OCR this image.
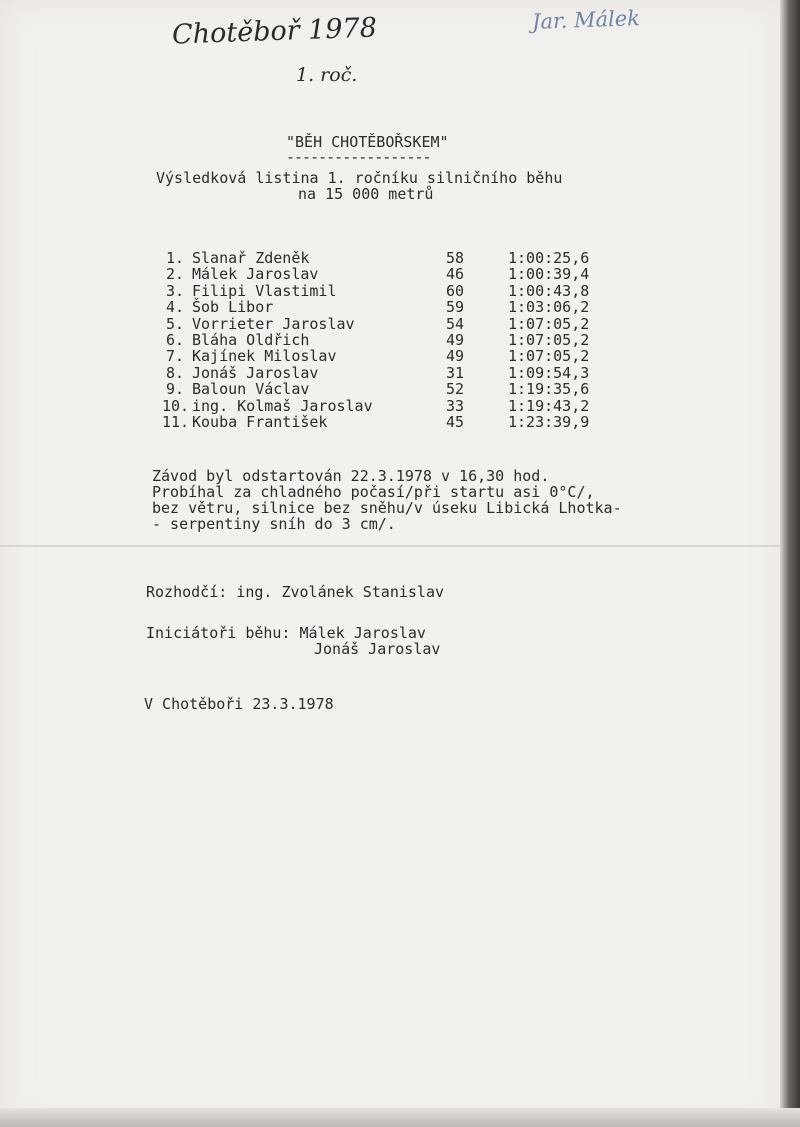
Chotěboř 1978
1. roč.
Jar. Málek
"BĚH CHOTĚBOŘSKEM"
------------------
Výsledková listina 1. ročníku silničního běhu
na 15 000 metrů
1. Slanař Zdeněk	58	1:00:25,6
2. Málek Jaroslav	46	1:00:39,4
3. Filipi Vlastimil	60	1:00:43,8
4. Šob Libor	59	1:03:06,2
5. Vorrieter Jaroslav	54	1:07:05,2
6. Bláha Oldřich	49	1:07:05,2
7. Kajínek Miloslav	49	1:07:05,2
8. Jonáš Jaroslav	31	1:09:54,3
9. Baloun Václav	52	1:19:35,6
10. ing. Kolmaš Jaroslav	33	1:19:43,2
11. Kouba František	45	1:23:39,9
Závod byl odstartován 22.3.1978 v 16,30 hod.
Probíhal za chladného počasí/při startu asi 0°C/,
bez větru, silnice bez sněhu/v úseku Libická Lhotka-
- serpentiny sníh do 3 cm/.
Rozhodčí: ing. Zvolánek Stanislav
Iniciátoři běhu: Málek Jaroslav
Jonáš Jaroslav
V Chotěboři 23.3.1978
